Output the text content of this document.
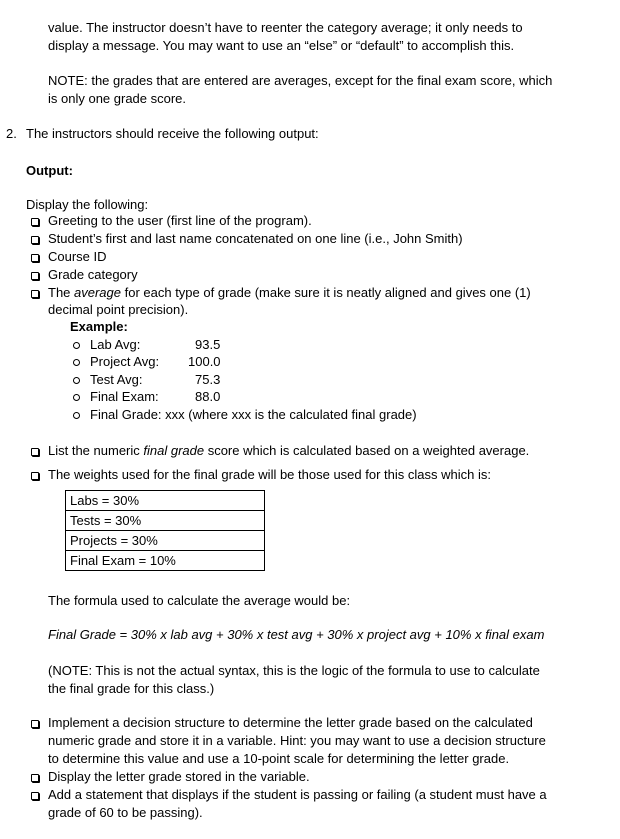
value. The instructor doesn’t have to reenter the category average; it only needs to
display a message. You may want to use an “else” or “default” to accomplish this.
NOTE: the grades that are entered are averages, except for the final exam score, which
is only one grade score.
2. The instructors should receive the following output:
Output:
Display the following:
Greeting to the user (first line of the program).
Student’s first and last name concatenated on one line (i.e., John Smith)
Course ID
Grade category
The average for each type of grade (make sure it is neatly aligned and gives one (1)
decimal point precision).
Example:
Lab Avg:	93.5
Project Avg: 100.0
Test Avg:	75.3
Final Exam:	88.0
Final Grade: xxx (where xxx is the calculated final grade)
List the numeric final grade score which is calculated based on a weighted average.
The weights used for the final grade will be those used for this class which is:
Labs = 30%
Tests = 30%
Projects = 30%
Final Exam = 10%
The formula used to calculate the average would be:
Final Grade = 30% x lab avg + 30% x test avg + 30% x project avg + 10% x final exam
(NOTE: This is not the actual syntax, this is the logic of the formula to use to calculate
the final grade for this class.)
Implement a decision structure to determine the letter grade based on the calculated
numeric grade and store it in a variable. Hint: you may want to use a decision structure
to determine this value and use a 10-point scale for determining the letter grade.
Display the letter grade stored in the variable.
Add a statement that displays if the student is passing or failing (a student must have a
grade of 60 to be passing).
